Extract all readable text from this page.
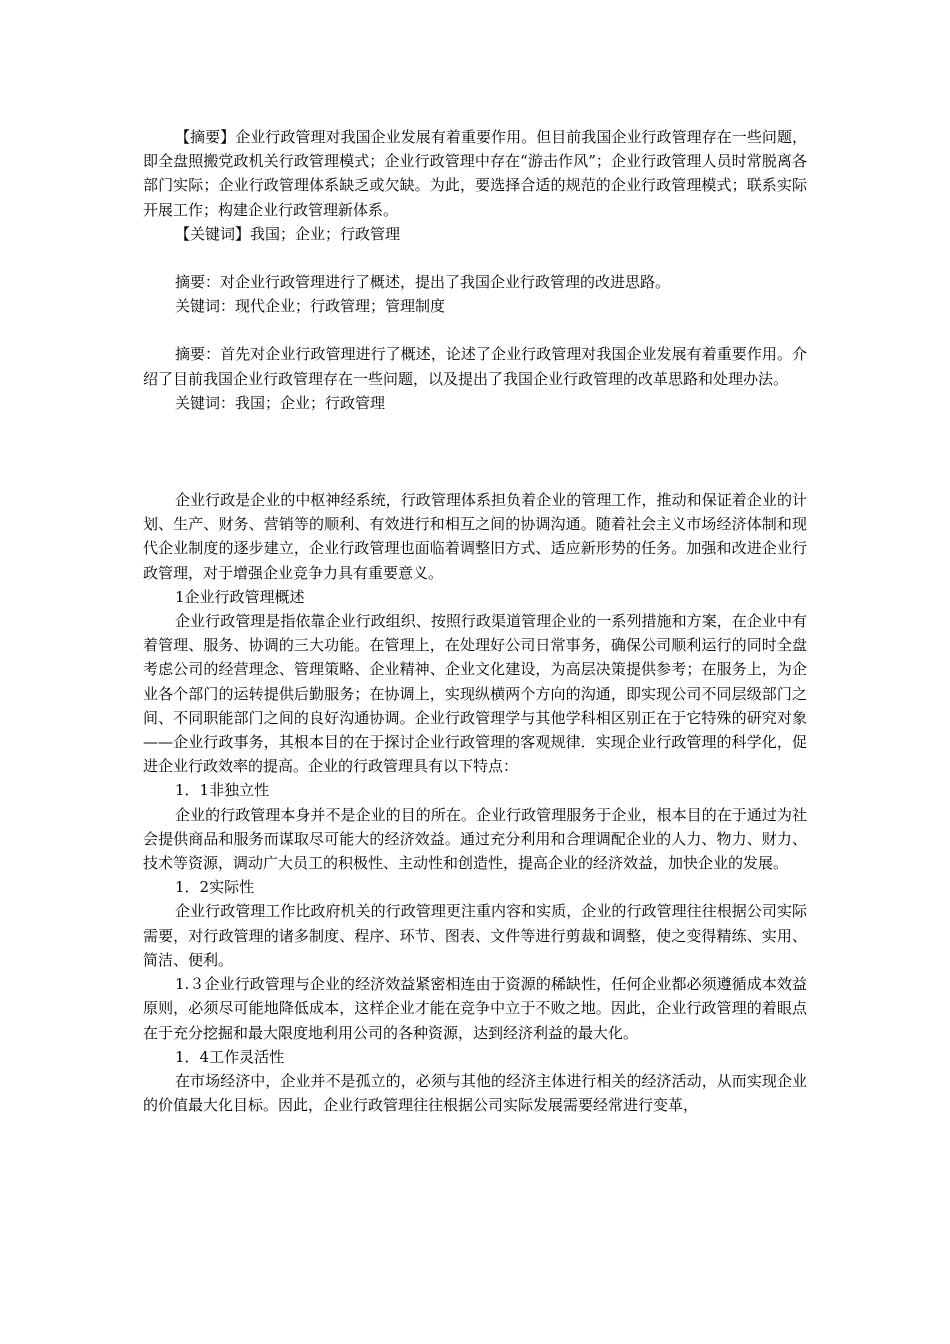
【摘要】企业行政管理对我国企业发展有着重要作用。但目前我国企业行政管理存在一些问题，即全盘照搬党政机关行政管理模式；企业行政管理中存在“游击作风”；企业行政管理人员时常脱离各部门实际；企业行政管理体系缺乏或欠缺。为此，要选择合适的规范的企业行政管理模式；联系实际开展工作；构建企业行政管理新体系。

【关键词】我国；企业；行政管理

摘要：对企业行政管理进行了概述，提出了我国企业行政管理的改进思路。

关键词：现代企业；行政管理；管理制度

摘要：首先对企业行政管理进行了概述，论述了企业行政管理对我国企业发展有着重要作用。介绍了目前我国企业行政管理存在一些问题，以及提出了我国企业行政管理的改革思路和处理办法。

关键词：我国；企业；行政管理

企业行政是企业的中枢神经系统，行政管理体系担负着企业的管理工作，推动和保证着企业的计划、生产、财务、营销等的顺利、有效进行和相互之间的协调沟通。随着社会主义市场经济体制和现代企业制度的逐步建立，企业行政管理也面临着调整旧方式、适应新形势的任务。加强和改进企业行政管理，对于增强企业竞争力具有重要意义。

1企业行政管理概述

企业行政管理是指依靠企业行政组织、按照行政渠道管理企业的一系列措施和方案，在企业中有着管理、服务、协调的三大功能。在管理上，在处理好公司日常事务，确保公司顺利运行的同时全盘考虑公司的经营理念、管理策略、企业精神、企业文化建设，为高层决策提供参考；在服务上，为企业各个部门的运转提供后勤服务；在协调上，实现纵横两个方向的沟通，即实现公司不同层级部门之间、不同职能部门之间的良好沟通协调。企业行政管理学与其他学科相区别正在于它特殊的研究对象——企业行政事务，其根本目的在于探讨企业行政管理的客观规律．实现企业行政管理的科学化，促进企业行政效率的提高。企业的行政管理具有以下特点：

1．1非独立性

企业的行政管理本身并不是企业的目的所在。企业行政管理服务于企业，根本目的在于通过为社会提供商品和服务而谋取尽可能大的经济效益。通过充分利用和合理调配企业的人力、物力、财力、技术等资源，调动广大员工的积极性、主动性和创造性，提高企业的经济效益，加快企业的发展。

1．2实际性

企业行政管理工作比政府机关的行政管理更注重内容和实质，企业的行政管理往往根据公司实际需要，对行政管理的诸多制度、程序、环节、图表、文件等进行剪裁和调整，使之变得精练、实用、简洁、便利。

1.３企业行政管理与企业的经济效益紧密相连由于资源的稀缺性，任何企业都必须遵循成本效益原则，必须尽可能地降低成本，这样企业才能在竞争中立于不败之地。因此，企业行政管理的着眼点在于充分挖掘和最大限度地利用公司的各种资源，达到经济利益的最大化。

1．4工作灵活性

在市场经济中，企业并不是孤立的，必须与其他的经济主体进行相关的经济活动，从而实现企业的价值最大化目标。因此，企业行政管理往往根据公司实际发展需要经常进行变革，
